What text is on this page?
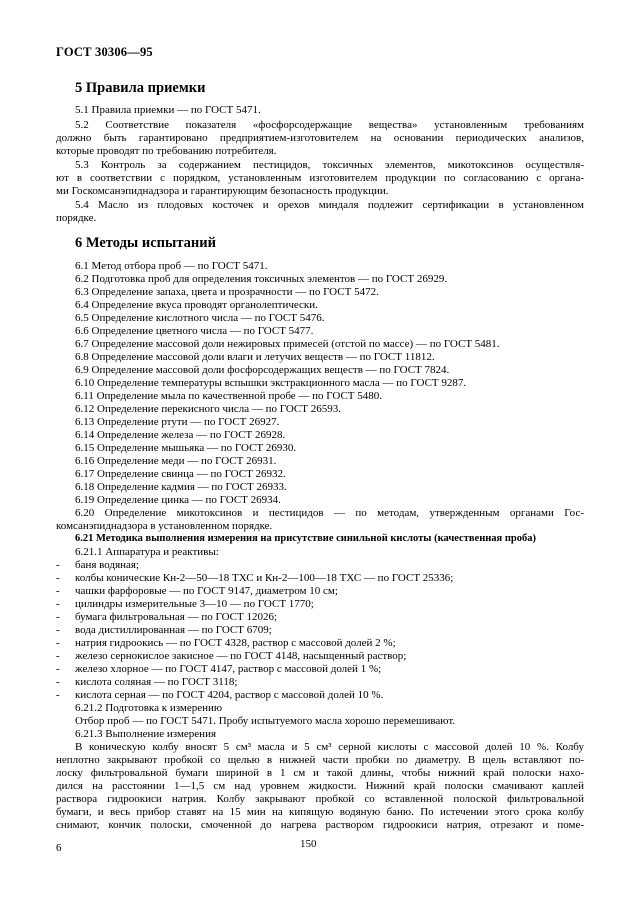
ГОСТ 30306—95
5 Правила приемки
5.1 Правила приемки — по ГОСТ 5471.
5.2 Соответствие показателя «фосфорсодержащие вещества» установленным требованиям
должно быть гарантировано предприятием-изготовителем на основании периодических анализов,
которые проводят по требованию потребителя.
5.3 Контроль за содержанием пестицидов, токсичных элементов, микотоксинов осуществля-
ют в соответствии с порядком, установленным изготовителем продукции по согласованию с органа-
ми Госкомсанэпиднадзора и гарантирующим безопасность продукции.
5.4 Масло из плодовых косточек и орехов миндаля подлежит сертификации в установленном
порядке.
6 Методы испытаний
6.1 Метод отбора проб — по ГОСТ 5471.
6.2 Подготовка проб для определения токсичных элементов — по ГОСТ 26929.
6.3 Определение запаха, цвета и прозрачности — по ГОСТ 5472.
6.4 Определение вкуса проводят органолептически.
6.5 Определение кислотного числа — по ГОСТ 5476.
6.6 Определение цветного числа — по ГОСТ 5477.
6.7 Определение массовой доли нежировых примесей (отстой по массе) — по ГОСТ 5481.
6.8 Определение массовой доли влаги и летучих веществ — по ГОСТ 11812.
6.9 Определение массовой доли фосфорсодержащих веществ — по ГОСТ 7824.
6.10 Определение температуры вспышки экстракционного масла — по ГОСТ 9287.
6.11 Определение мыла по качественной пробе — по ГОСТ 5480.
6.12 Определение перекисного числа — по ГОСТ 26593.
6.13 Определение ртути — по ГОСТ 26927.
6.14 Определение железа — по ГОСТ 26928.
6.15 Определение мышьяка — по ГОСТ 26930.
6.16 Определение меди — по ГОСТ 26931.
6.17 Определение свинца — по ГОСТ 26932.
6.18 Определение кадмия — по ГОСТ 26933.
6.19 Определение цинка — по ГОСТ 26934.
6.20 Определение микотоксинов и пестицидов — по методам, утвержденным органами Гос-
комсанэпиднадзора в установленном порядке.
6.21 Методика выполнения измерения на присутствие синильной кислоты (качественная проба)
6.21.1 Аппаратура и реактивы:
- баня водяная;
- колбы конические Кн-2—50—18 ТХС и Кн-2—100—18 ТХС — по ГОСТ 25336;
- чашки фарфоровые — по ГОСТ 9147, диаметром 10 см;
- цилиндры измерительные 3—10 — по ГОСТ 1770;
- бумага фильтровальная — по ГОСТ 12026;
- вода дистиллированная — по ГОСТ 6709;
- натрия гидроокись — по ГОСТ 4328, раствор с массовой долей 2 %;
- железо сернокислое закисное — по ГОСТ 4148, насыщенный раствор;
- железо хлорное — по ГОСТ 4147, раствор с массовой долей 1 %;
- кислота соляная — по ГОСТ 3118;
- кислота серная — по ГОСТ 4204, раствор с массовой долей 10 %.
6.21.2 Подготовка к измерению
Отбор проб — по ГОСТ 5471. Пробу испытуемого масла хорошо перемешивают.
6.21.3 Выполнение измерения
В коническую колбу вносят 5 см³ масла и 5 см³ серной кислоты с массовой долей 10 %. Колбу
неплотно закрывают пробкой со щелью в нижней части пробки по диаметру. В щель вставляют по-
лоску фильтровальной бумаги шириной в 1 см и такой длины, чтобы нижний край полоски нахо-
дился на расстоянии 1—1,5 см над уровнем жидкости. Нижний край полоски смачивают каплей
раствора гидроокиси натрия. Колбу закрывают пробкой со вставленной полоской фильтровальной
бумаги, и весь прибор ставят на 15 мин на кипящую водяную баню. По истечении этого срока колбу
снимают, кончик полоски, смоченной до нагрева раствором гидроокиси натрия, отрезают и поме-
6	150
